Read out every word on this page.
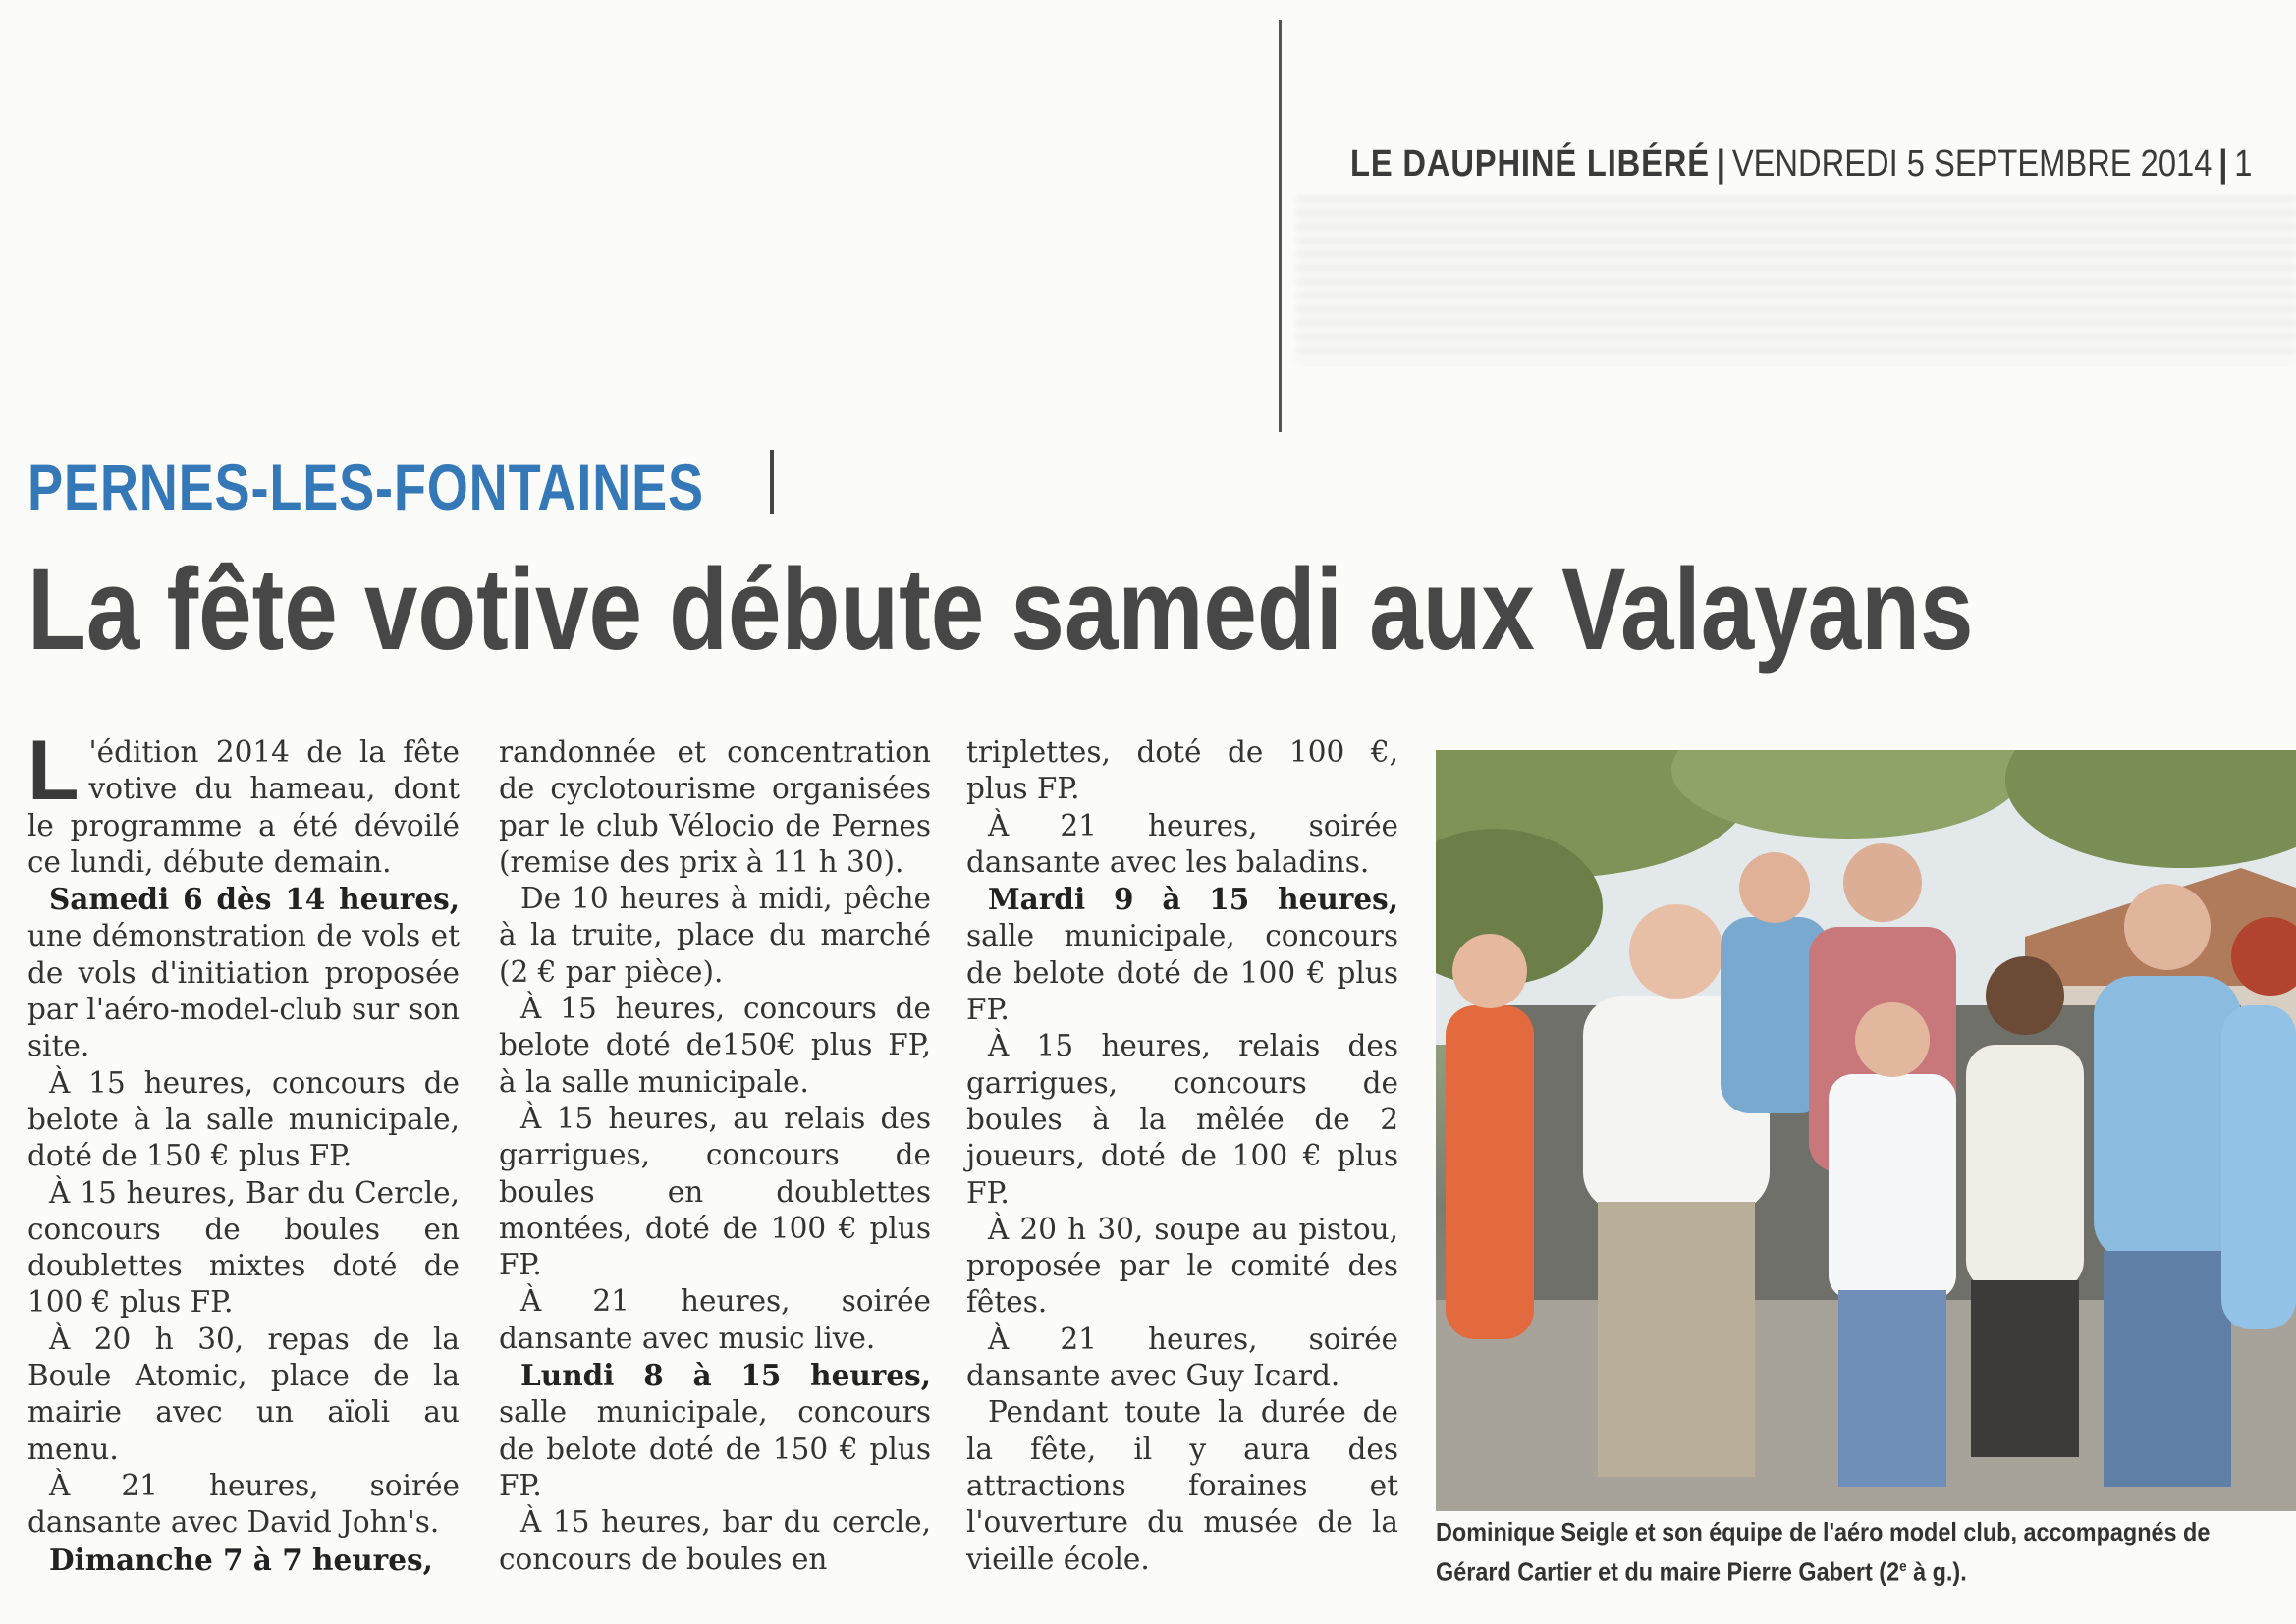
LE DAUPHINÉ LIBÉRÉ | VENDREDI 5 SEPTEMBRE 2014 | 1
PERNES-LES-FONTAINES
La fête votive débute samedi aux Valayans
L 'édition 2014 de la fête votive du hameau, dont le programme a été dévoilé ce lundi, débute demain.

Samedi 6 dès 14 heures, une démonstration de vols et de vols d'initiation proposée par l'aéro-model-club sur son site.

À 15 heures, concours de belote à la salle municipale, doté de 150 € plus FP.

À 15 heures, Bar du Cercle, concours de boules en doublettes mixtes doté de 100 € plus FP.

À 20 h 30, repas de la Boule Atomic, place de la mairie avec un aïoli au menu.

À 21 heures, soirée dansante avec David John's.

Dimanche 7 à 7 heures,

randonnée et concentration de cyclotourisme organisées par le club Vélocio de Pernes (remise des prix à 11 h 30).

De 10 heures à midi, pêche à la truite, place du marché (2 € par pièce).

À 15 heures, concours de belote doté de150€ plus FP, à la salle municipale.

À 15 heures, au relais des garrigues, concours de boules en doublettes montées, doté de 100 € plus FP.

À 21 heures, soirée dansante avec music live.

Lundi 8 à 15 heures, salle municipale, concours de belote doté de 150 € plus FP.

À 15 heures, bar du cercle, concours de boules en

triplettes, doté de 100 €, plus FP.

À 21 heures, soirée dansante avec les baladins.

Mardi 9 à 15 heures, salle municipale, concours de belote doté de 100 € plus FP.

À 15 heures, relais des garrigues, concours de boules à la mêlée de 2 joueurs, doté de 100 € plus FP.

À 20 h 30, soupe au pistou, proposée par le comité des fêtes.

À 21 heures, soirée dansante avec Guy Icard.

Pendant toute la durée de la fête, il y aura des attractions foraines et l'ouverture du musée de la vieille école.

Dominique Seigle et son équipe de l'aéro model club, accompagnés de
Gérard Cartier et du maire Pierre Gabert (2e à g.).
